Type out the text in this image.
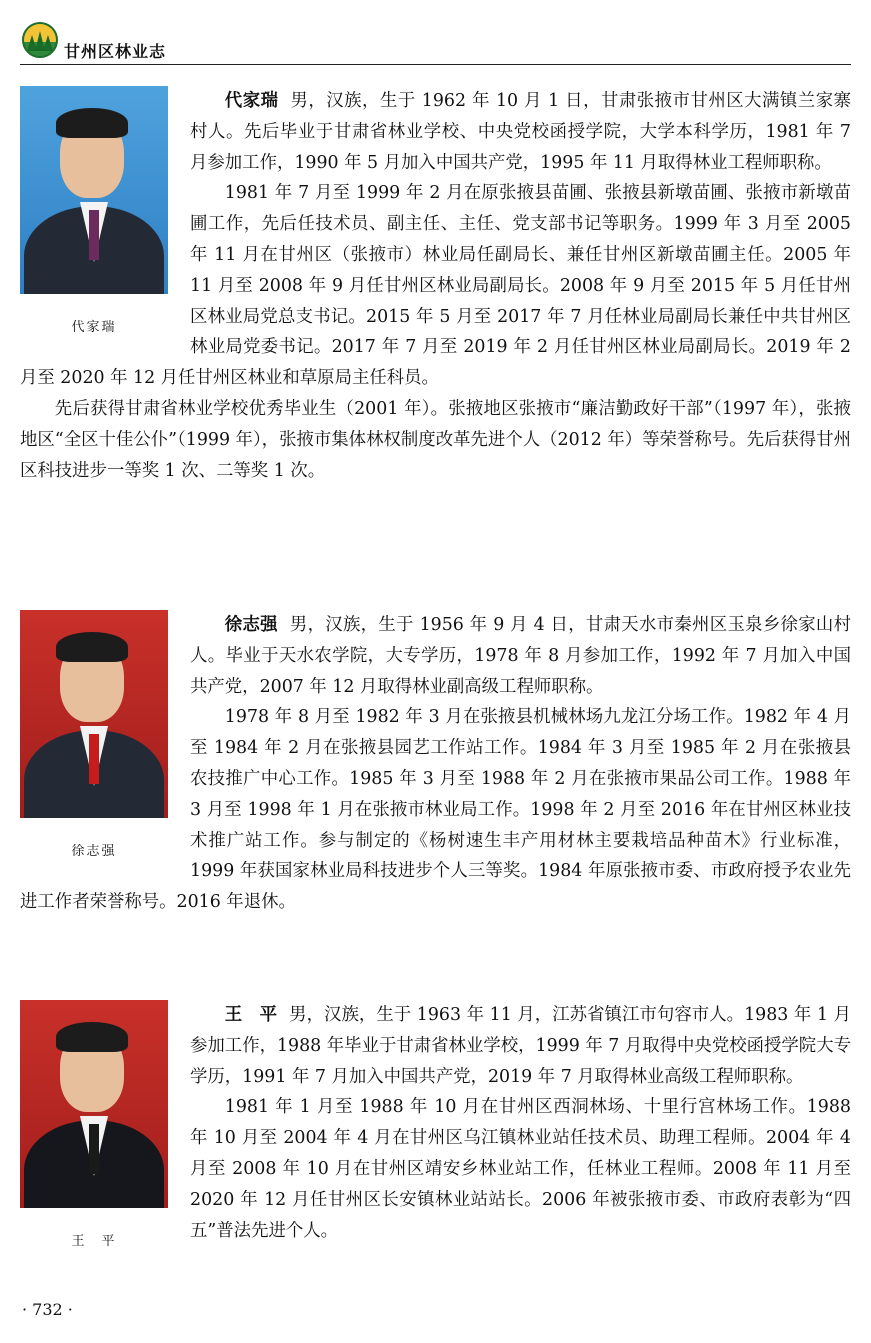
甘州区林业志
代家瑞

代家瑞 男，汉族，生于 1962 年 10 月 1 日，甘肃张掖市甘州区大满镇兰家寨村人。先后毕业于甘肃省林业学校、中央党校函授学院，大学本科学历，1981 年 7 月参加工作，1990 年 5 月加入中国共产党，1995 年 11 月取得林业工程师职称。

1981 年 7 月至 1999 年 2 月在原张掖县苗圃、张掖县新墩苗圃、张掖市新墩苗圃工作，先后任技术员、副主任、主任、党支部书记等职务。1999 年 3 月至 2005 年 11 月在甘州区（张掖市）林业局任副局长、兼任甘州区新墩苗圃主任。2005 年 11 月至 2008 年 9 月任甘州区林业局副局长。2008 年 9 月至 2015 年 5 月任甘州区林业局党总支书记。2015 年 5 月至 2017 年 7 月任林业局副局长兼任中共甘州区林业局党委书记。2017 年 7 月至 2019 年 2 月任甘州区林业局副局长。2019 年 2 月至 2020 年 12 月任甘州区林业和草原局主任科员。

先后获得甘肃省林业学校优秀毕业生（2001 年）。张掖地区张掖市“廉洁勤政好干部”（1997 年），张掖地区“全区十佳公仆”（1999 年），张掖市集体林权制度改革先进个人（2012 年）等荣誉称号。先后获得甘州区科技进步一等奖 1 次、二等奖 1 次。

徐志强

徐志强 男，汉族，生于 1956 年 9 月 4 日，甘肃天水市秦州区玉泉乡徐家山村人。毕业于天水农学院，大专学历，1978 年 8 月参加工作，1992 年 7 月加入中国共产党，2007 年 12 月取得林业副高级工程师职称。

1978 年 8 月至 1982 年 3 月在张掖县机械林场九龙江分场工作。1982 年 4 月至 1984 年 2 月在张掖县园艺工作站工作。1984 年 3 月至 1985 年 2 月在张掖县农技推广中心工作。1985 年 3 月至 1988 年 2 月在张掖市果品公司工作。1988 年 3 月至 1998 年 1 月在张掖市林业局工作。1998 年 2 月至 2016 年在甘州区林业技术推广站工作。参与制定的《杨树速生丰产用材林主要栽培品种苗木》行业标准，1999 年获国家林业局科技进步个人三等奖。1984 年原张掖市委、市政府授予农业先进工作者荣誉称号。2016 年退休。

王　平

王　平 男，汉族，生于 1963 年 11 月，江苏省镇江市句容市人。1983 年 1 月参加工作，1988 年毕业于甘肃省林业学校，1999 年 7 月取得中央党校函授学院大专学历，1991 年 7 月加入中国共产党，2019 年 7 月取得林业高级工程师职称。

1981 年 1 月至 1988 年 10 月在甘州区西洞林场、十里行宫林场工作。1988 年 10 月至 2004 年 4 月在甘州区乌江镇林业站任技术员、助理工程师。2004 年 4 月至 2008 年 10 月在甘州区靖安乡林业站工作，任林业工程师。2008 年 11 月至 2020 年 12 月任甘州区长安镇林业站站长。2006 年被张掖市委、市政府表彰为“四五”普法先进个人。

· 732 ·
